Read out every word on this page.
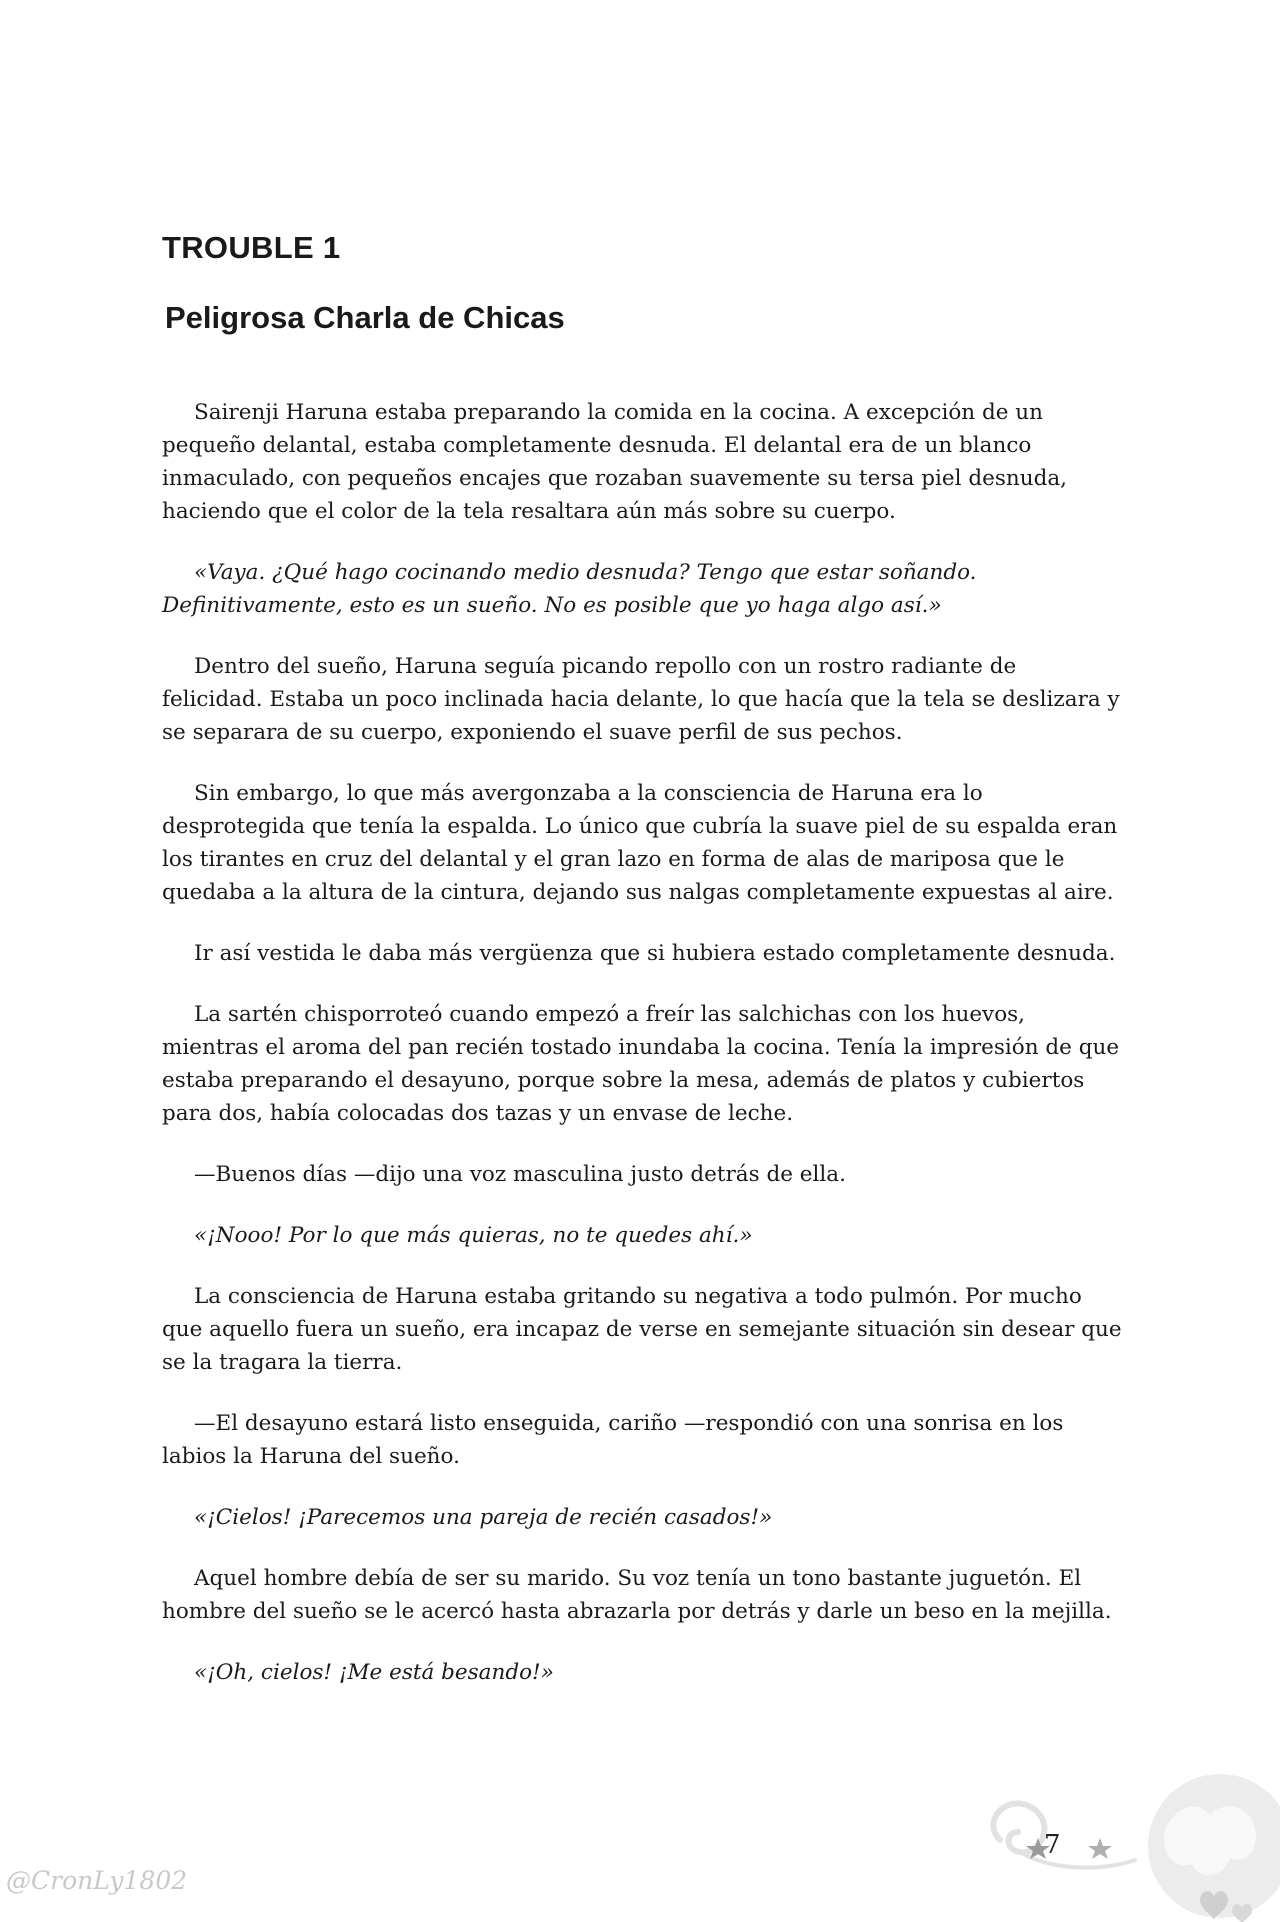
TROUBLE 1
Peligrosa Charla de Chicas

Sairenji Haruna estaba preparando la comida en la cocina. A excepción de un pequeño delantal, estaba completamente desnuda. El delantal era de un blanco inmaculado, con pequeños encajes que rozaban suavemente su tersa piel desnuda, haciendo que el color de la tela resaltara aún más sobre su cuerpo.

«Vaya. ¿Qué hago cocinando medio desnuda? Tengo que estar soñando. Definitivamente, esto es un sueño. No es posible que yo haga algo así.»

Dentro del sueño, Haruna seguía picando repollo con un rostro radiante de felicidad. Estaba un poco inclinada hacia delante, lo que hacía que la tela se deslizara y se separara de su cuerpo, exponiendo el suave perfil de sus pechos.

Sin embargo, lo que más avergonzaba a la consciencia de Haruna era lo desprotegida que tenía la espalda. Lo único que cubría la suave piel de su espalda eran los tirantes en cruz del delantal y el gran lazo en forma de alas de mariposa que le quedaba a la altura de la cintura, dejando sus nalgas completamente expuestas al aire.

Ir así vestida le daba más vergüenza que si hubiera estado completamente desnuda.

La sartén chisporroteó cuando empezó a freír las salchichas con los huevos, mientras el aroma del pan recién tostado inundaba la cocina. Tenía la impresión de que estaba preparando el desayuno, porque sobre la mesa, además de platos y cubiertos para dos, había colocadas dos tazas y un envase de leche.

—Buenos días —dijo una voz masculina justo detrás de ella.

«¡Nooo! Por lo que más quieras, no te quedes ahí.»

La consciencia de Haruna estaba gritando su negativa a todo pulmón. Por mucho que aquello fuera un sueño, era incapaz de verse en semejante situación sin desear que se la tragara la tierra.

—El desayuno estará listo enseguida, cariño —respondió con una sonrisa en los labios la Haruna del sueño.

«¡Cielos! ¡Parecemos una pareja de recién casados!»

Aquel hombre debía de ser su marido. Su voz tenía un tono bastante juguetón. El hombre del sueño se le acercó hasta abrazarla por detrás y darle un beso en la mejilla.

«¡Oh, cielos! ¡Me está besando!»

7
@CronLy1802
